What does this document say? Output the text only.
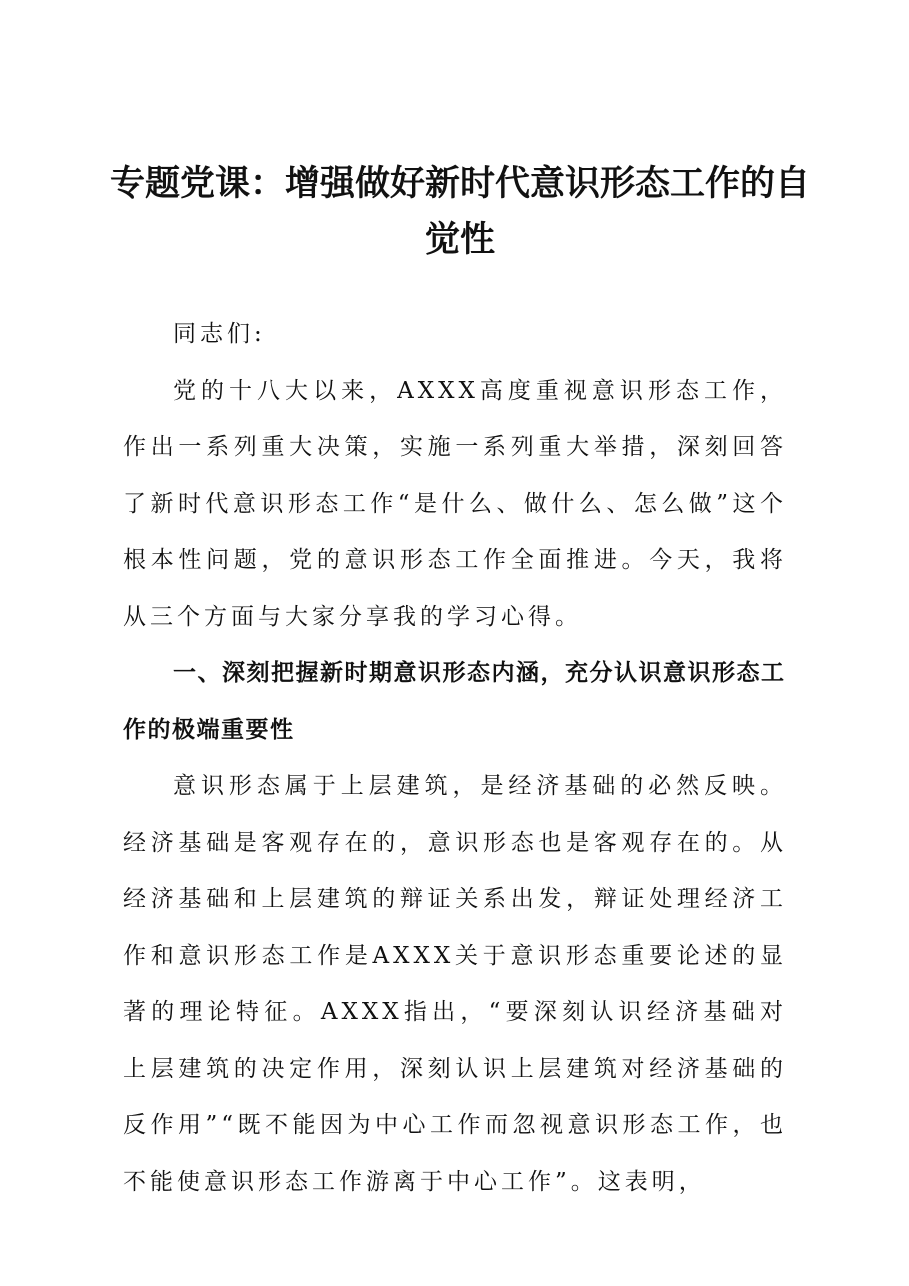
专题党课：增强做好新时代意识形态工作的自觉性

同志们:

党的十八大以来，AXXX高度重视意识形态工作，作出一系列重大决策，实施一系列重大举措，深刻回答了新时代意识形态工作“是什么、做什么、怎么做”这个根本性问题，党的意识形态工作全面推进。今天，我将从三个方面与大家分享我的学习心得。

一、深刻把握新时期意识形态内涵，充分认识意识形态工作的极端重要性

意识形态属于上层建筑，是经济基础的必然反映。经济基础是客观存在的，意识形态也是客观存在的。从经济基础和上层建筑的辩证关系出发，辩证处理经济工作和意识形态工作是AXXX关于意识形态重要论述的显著的理论特征。AXXX指出，“要深刻认识经济基础对上层建筑的决定作用，深刻认识上层建筑对经济基础的反作用”“既不能因为中心工作而忽视意识形态工作，也不能使意识形态工作游离于中心工作”。这表明，
